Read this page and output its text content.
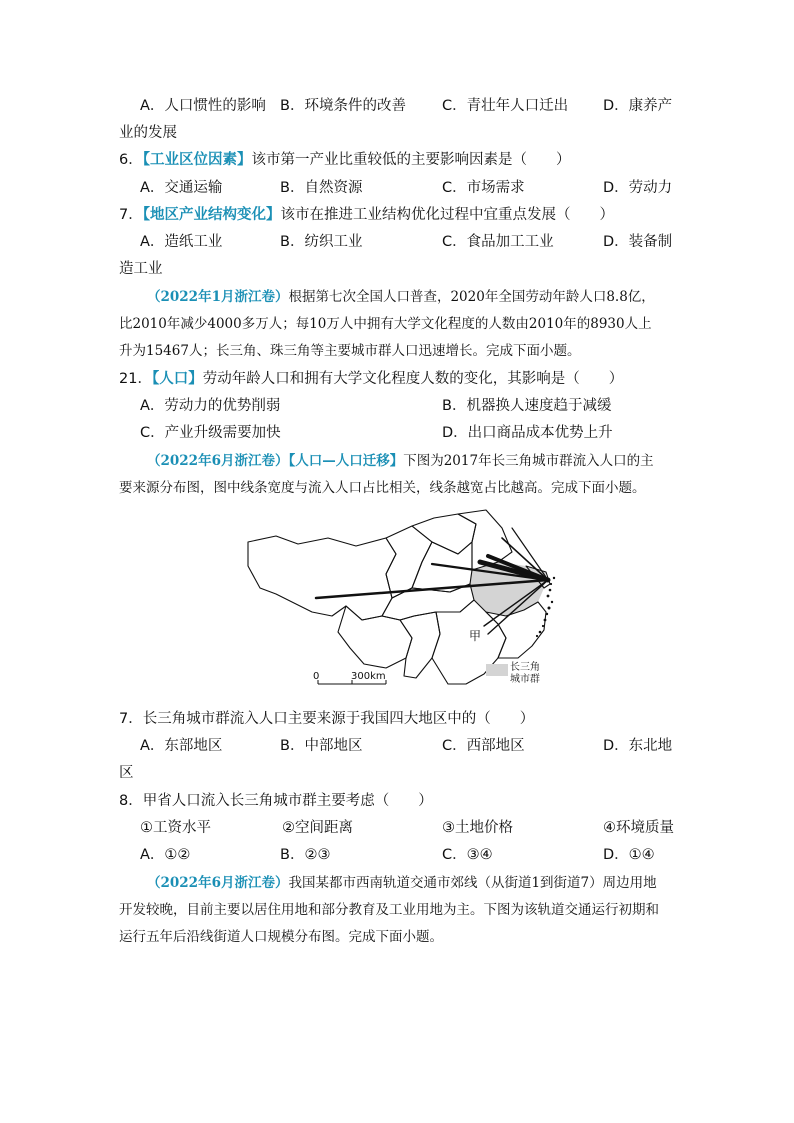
A．人口惯性的影响 B．环境条件的改善 C．青壮年人口迁出 D．康养产
业的发展
6．【工业区位因素】该市第一产业比重较低的主要影响因素是（　　）
A．交通运输	B．自然资源	C．市场需求	D．劳动力
7．【地区产业结构变化】该市在推进工业结构优化过程中宜重点发展（　　）
A．造纸工业	B．纺织工业	C．食品加工工业	D．装备制
造工业
（2022年1月浙江卷）根据第七次全国人口普查，2020年全国劳动年龄人口8.8亿，
比2010年减少4000多万人；每10万人中拥有大学文化程度的人数由2010年的8930人上
升为15467人；长三角、珠三角等主要城市群人口迅速增长。完成下面小题。
21．【人口】劳动年龄人口和拥有大学文化程度人数的变化，其影响是（　　）
A．劳动力的优势削弱	B．机器换人速度趋于减缓
C．产业升级需要加快	D．出口商品成本优势上升
（2022年6月浙江卷）【人口—人口迁移】下图为2017年长三角城市群流入人口的主
要来源分布图，图中线条宽度与流入人口占比相关，线条越宽占比越高。完成下面小题。
甲
0	300km
长三角
城市群
7．长三角城市群流入人口主要来源于我国四大地区中的（　　）
A．东部地区	B．中部地区	C．西部地区	D．东北地
区
8．甲省人口流入长三角城市群主要考虑（　　）
①工资水平	②空间距离	③土地价格	④环境质量
A．①②	B．②③	C．③④	D．①④
（2022年6月浙江卷）我国某都市西南轨道交通市郊线（从街道1到街道7）周边用地
开发较晚，目前主要以居住用地和部分教育及工业用地为主。下图为该轨道交通运行初期和
运行五年后沿线街道人口规模分布图。完成下面小题。
